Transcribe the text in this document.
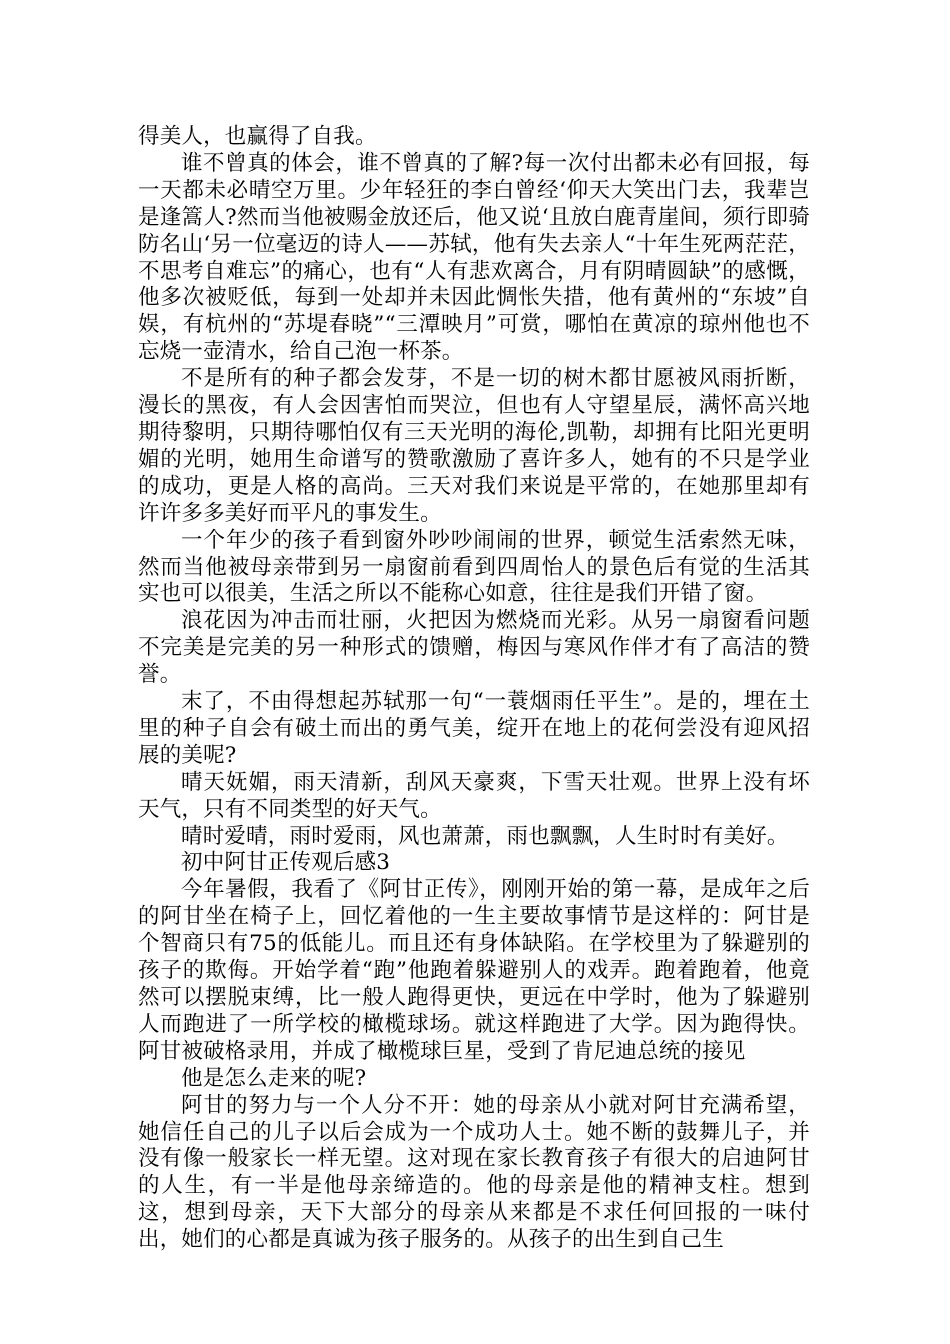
得美人，也赢得了自我。

谁不曾真的体会，谁不曾真的了解?每一次付出都未必有回报，每一天都未必晴空万里。少年轻狂的李白曾经‘仰天大笑出门去，我辈岂是逢篙人?然而当他被赐金放还后，他又说‘且放白鹿青崖间，须行即骑防名山‘另一位毫迈的诗人——苏轼，他有失去亲人“十年生死两茫茫，不思考自难忘”的痛心，也有“人有悲欢离合，月有阴晴圆缺”的感慨，他多次被贬低，每到一处却并未因此惆怅失措，他有黄州的“东坡”自娱，有杭州的“苏堤春晓”“三潭映月”可赏，哪怕在黄凉的琼州他也不忘烧一壶清水，给自己泡一杯茶。

不是所有的种子都会发芽，不是一切的树木都甘愿被风雨折断，漫长的黑夜，有人会因害怕而哭泣，但也有人守望星辰，满怀高兴地期待黎明，只期待哪怕仅有三天光明的海伦,凯勒，却拥有比阳光更明媚的光明，她用生命谱写的赞歌激励了喜许多人，她有的不只是学业的成功，更是人格的高尚。三天对我们来说是平常的，在她那里却有许许多多美好而平凡的事发生。

一个年少的孩子看到窗外吵吵闹闹的世界，顿觉生活索然无味，然而当他被母亲带到另一扇窗前看到四周怡人的景色后有觉的生活其实也可以很美，生活之所以不能称心如意，往往是我们开错了窗。

浪花因为冲击而壮丽，火把因为燃烧而光彩。从另一扇窗看问题不完美是完美的另一种形式的馈赠，梅因与寒风作伴才有了高洁的赞誉。

末了，不由得想起苏轼那一句“一蓑烟雨任平生”。是的，埋在土里的种子自会有破土而出的勇气美，绽开在地上的花何尝没有迎风招展的美呢?

晴天妩媚，雨天清新，刮风天豪爽，下雪天壮观。世界上没有坏天气，只有不同类型的好天气。

晴时爱晴，雨时爱雨，风也萧萧，雨也飘飘，人生时时有美好。

初中阿甘正传观后感3

今年暑假，我看了《阿甘正传》，刚刚开始的第一幕，是成年之后的阿甘坐在椅子上，回忆着他的一生主要故事情节是这样的：阿甘是个智商只有75的低能儿。而且还有身体缺陷。在学校里为了躲避别的孩子的欺侮。开始学着“跑”他跑着躲避别人的戏弄。跑着跑着，他竟然可以摆脱束缚，比一般人跑得更快，更远在中学时，他为了躲避别人而跑进了一所学校的橄榄球场。就这样跑进了大学。因为跑得快。阿甘被破格录用，并成了橄榄球巨星，受到了肯尼迪总统的接见

他是怎么走来的呢?

阿甘的努力与一个人分不开：她的母亲从小就对阿甘充满希望，她信任自己的儿子以后会成为一个成功人士。她不断的鼓舞儿子，并没有像一般家长一样无望。这对现在家长教育孩子有很大的启迪阿甘的人生，有一半是他母亲缔造的。他的母亲是他的精神支柱。想到这，想到母亲，天下大部分的母亲从来都是不求任何回报的一味付出，她们的心都是真诚为孩子服务的。从孩子的出生到自己生
